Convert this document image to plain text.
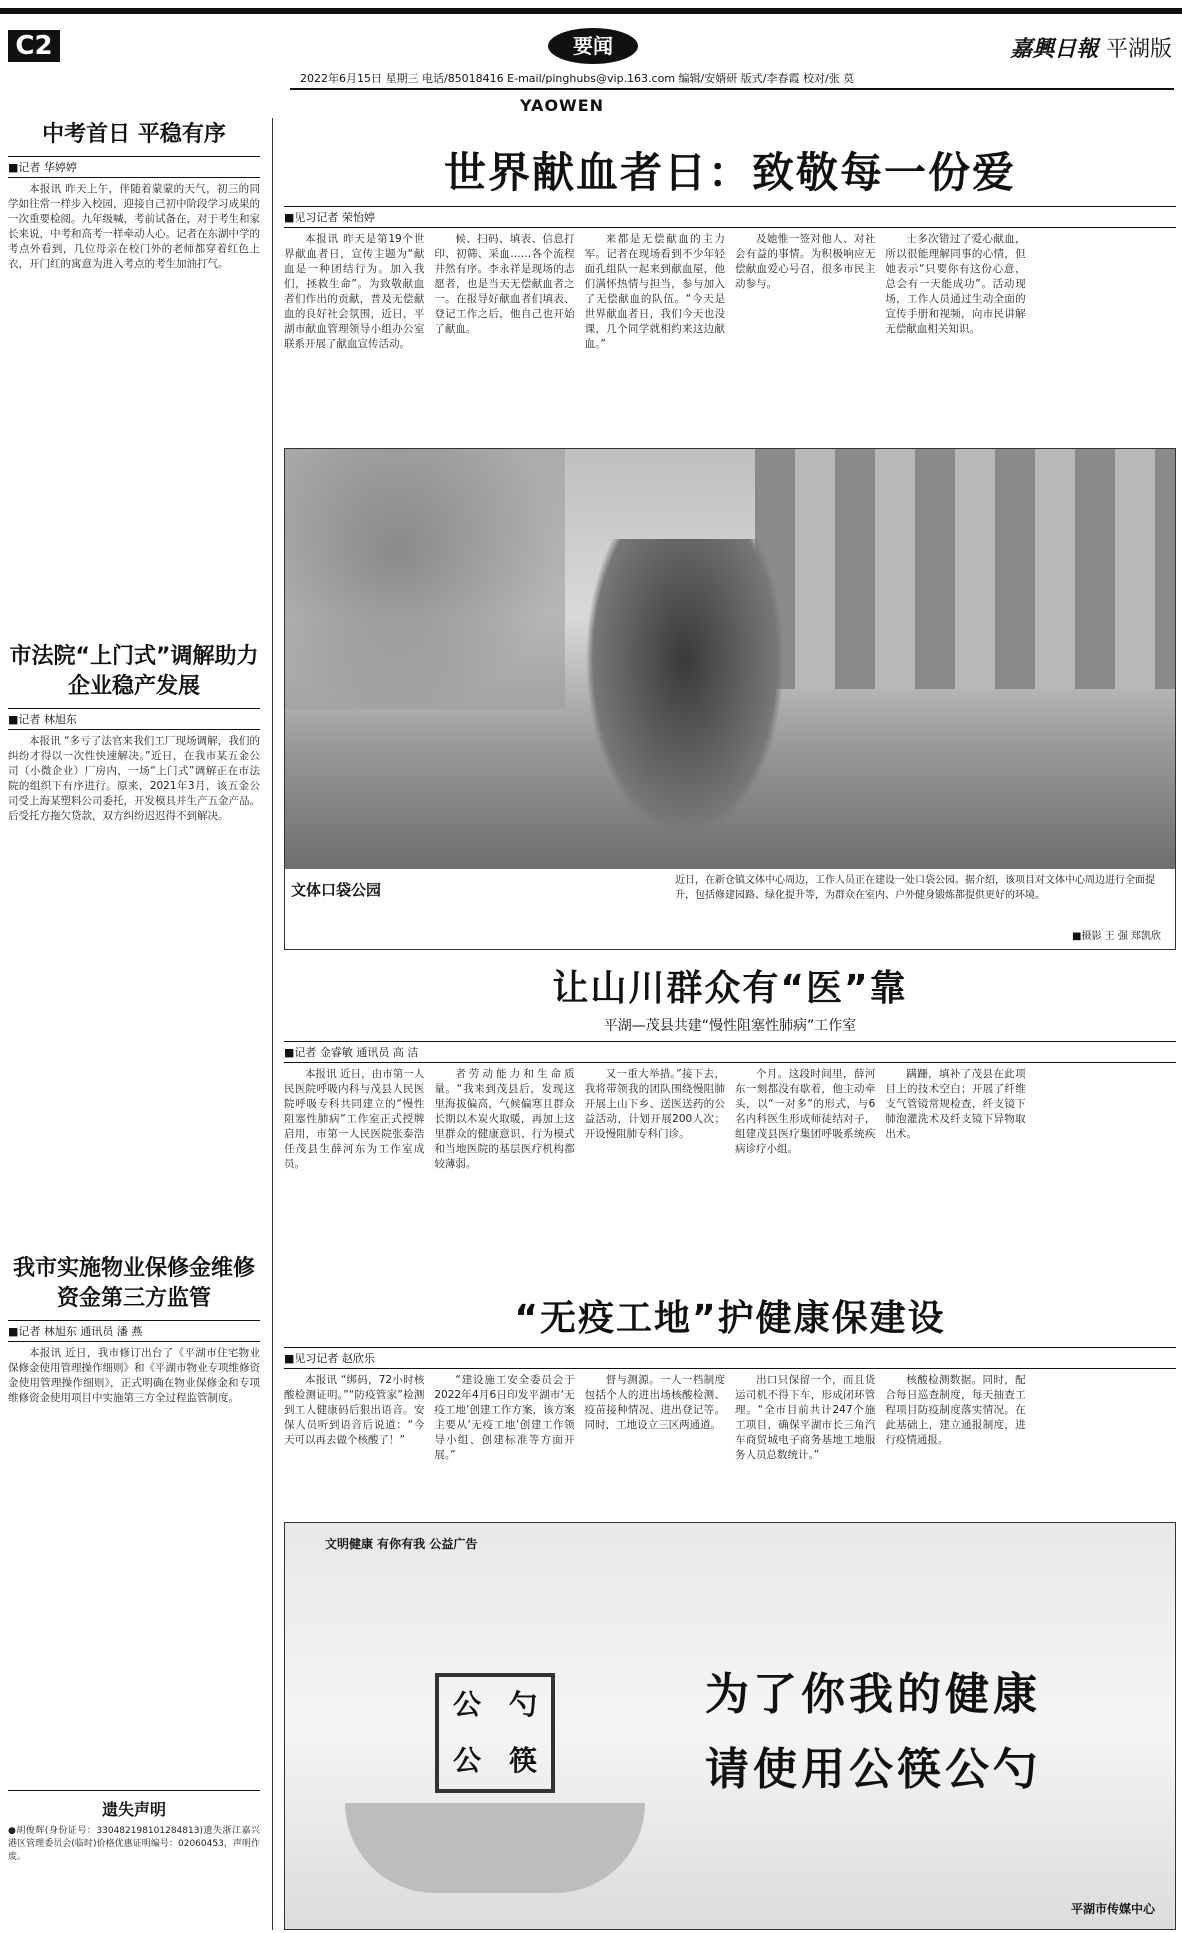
C2	要闻	嘉興日報 平湖版
2022年6月15日 星期三 电话/85018416 E-mail/pinghubs@vip.163.com 编辑/安婿研 版式/李春霞 校对/张 莫
YAOWEN
中考首日 平稳有序
■记者 华婷婷
本报讯 昨天上午，伴随着蒙蒙的天气，初三的同学如往常一样步入校园，迎接自己初中阶段学习成果的一次重要检阅。九年级喊，考前试备在，对于考生和家长来说，中考和高考一样牵动人心。记者在东湖中学的考点外看到，几位母亲在校门外的老师都穿着红色上衣，开门红的寓意为进入考点的考生加油打气。
市法院“上门式”调解助力企业稳产发展
■记者 林旭东
本报讯 “多亏了法官来我们工厂现场调解，我们的纠纷才得以一次性快速解决。”近日，在我市某五金公司（小微企业）厂房内，一场“上门式”调解正在市法院的组织下有序进行。原来，2021年3月，该五金公司受上海某塑料公司委托，开发模具并生产五金产品。后受托方拖欠贷款，双方纠纷迟迟得不到解决。
我市实施物业保修金维修资金第三方监管
■记者 林旭东 通讯员 潘 燕
本报讯 近日，我市修订出台了《平湖市住宅物业保修金使用管理操作细则》和《平湖市物业专项维修资金使用管理操作细则》，正式明确在物业保修金和专项维修资金使用项目中实施第三方全过程监管制度。
遗失声明
●胡俊辉(身份证号：330482198101284813)遗失浙江嘉兴港区管理委员会(临时)价格优惠证明编号：02060453，声明作废。
世界献血者日：致敬每一份爱
■见习记者 荣怡婷
本报讯 昨天是第19个世界献血者日，宣传主题为“献血是一种团结行为。加入我们，拯救生命”。为致敬献血者们作出的贡献，普及无偿献血的良好社会氛围，近日，平湖市献血管理领导小组办公室联系开展了献血宣传活动。
候、扫码、填表、信息打印、初筛、采血……各个流程井然有序。李永祥是现场的志愿者，也是当天无偿献血者之一。在报导好献血者们填表、登记工作之后，他自己也开始了献血。
来都是无偿献血的主力军。记者在现场看到不少年轻面孔组队一起来到献血屋，他们满怀热情与担当，参与加入了无偿献血的队伍。“今天是世界献血者日，我们今天也没课，几个同学就相约来这边献血。”
及她惟一签对他人、对社会有益的事情。为积极响应无偿献血爱心号召，很多市民主动参与。
士多次错过了爱心献血，所以很能理解同事的心情，但她表示“只要你有这份心意，总会有一天能成功”。活动现场，工作人员通过生动全面的宣传手册和视频，向市民讲解无偿献血相关知识。
文体口袋公园
近日，在新仓镇文体中心周边，工作人员正在建设一处口袋公园。据介绍，该项目对文体中心周边进行全面提升，包括修建园路、绿化提升等，为群众在室内、户外健身锻炼都提供更好的环境。
■摄影 王 强 郑凯欣
让山川群众有“医”靠
平湖—茂县共建“慢性阻塞性肺病”工作室
■记者 金睿敏 通讯员 高 洁
本报讯 近日，由市第一人民医院呼吸内科与茂县人民医院呼吸专科共同建立的“慢性阻塞性肺病”工作室正式授牌启用，市第一人民医院张泰浩任茂县生薛河东为工作室成员。
者劳动能力和生命质量。“我来到茂县后，发现这里海拔偏高，气候偏寒且群众长期以木炭火取暖，再加上这里群众的健康意识、行为模式和当地医院的基层医疗机构都较薄弱。
又一重大举措。”接下去，我将带领我的团队围绕慢阻肺开展上山下乡、送医送药的公益活动，计划开展200人次；开设慢阻肺专科门诊。
个月。这段时间里，薛河东一刻都没有歇着，他主动牵头，以“一对多”的形式，与6名内科医生形成师徒结对子，组建茂县医疗集团呼吸系统疾病诊疗小组。
蹒跚，填补了茂县在此项目上的技术空白；开展了纤维支气管镜常规检查，纤支镜下肺泡灌洗术及纤支镜下异物取出术。
“无疫工地”护健康保建设
■见习记者 赵欣乐
本报讯 “绑码，72小时核酸检测证明。”“防疫管家”检测到工人健康码后狠出语音。安保人员听到语音后说道：“今天可以再去做个核酸了！”
“建设施工安全委员会于2022年4月6日印发平湖市‘无疫工地’创建工作方案，该方案主要从‘无疫工地’创建工作领导小组、创建标准等方面开展。”
督与测源。一人一档制度包括个人的进出场核酸检测、疫苗接种情况、进出登记等。同时，工地设立三区两通道。
出口只保留一个，而且货运司机不得下车，形成闭环管理。“全市目前共计247个施工项目，确保平湖市长三角汽车商贸城电子商务基地工地服务人员总数统计。”
核酸检测数据。同时，配合每日巡查制度，每天抽查工程项目防疫制度落实情况。在此基础上，建立通报制度，进行疫情通报。
文明健康 有你有我 公益广告
公 勺
公 筷
为了你我的健康
请使用公筷公勺
平湖市传媒中心
